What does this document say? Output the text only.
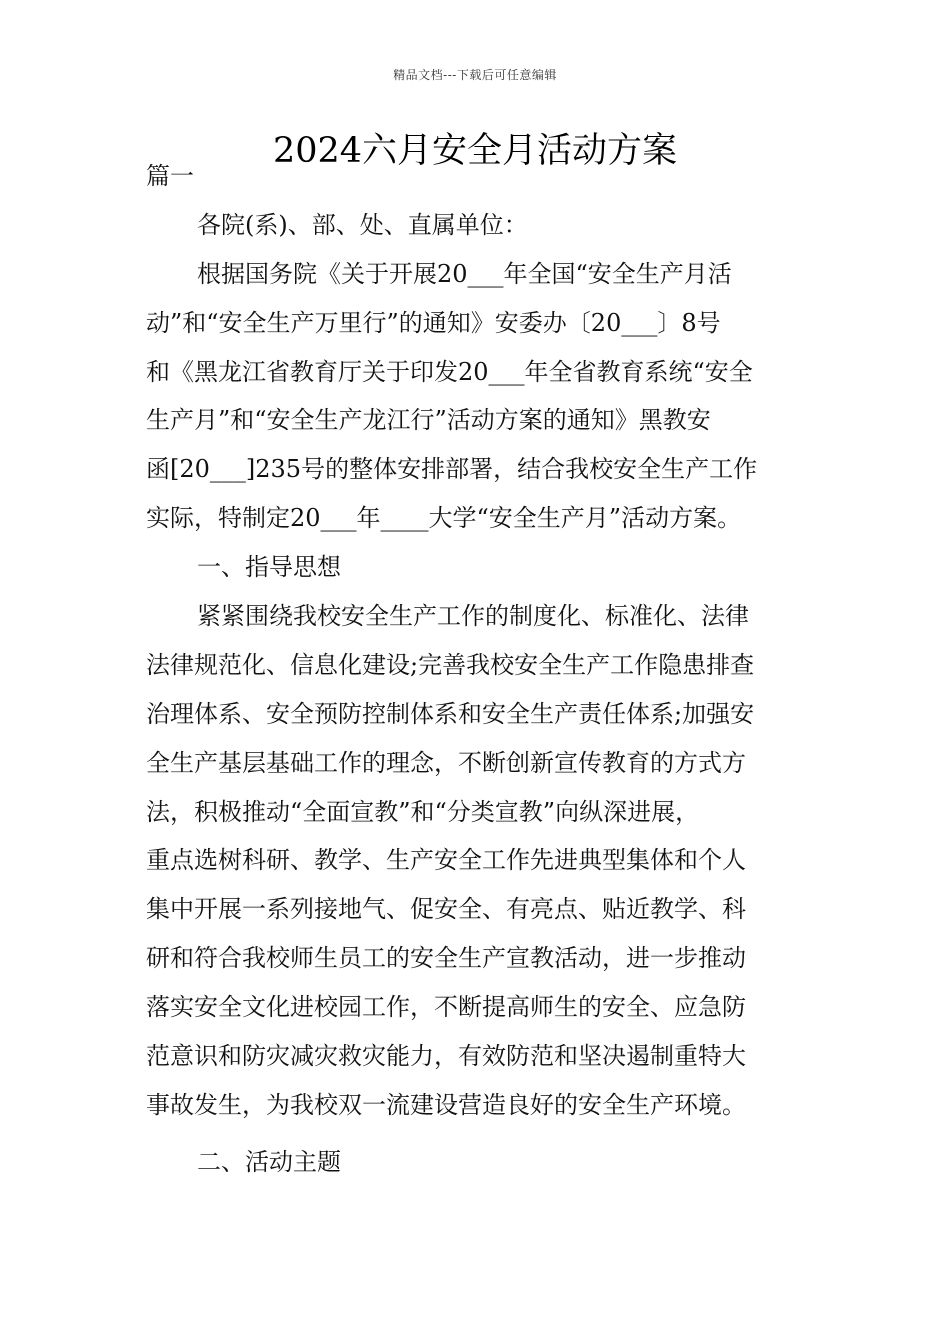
精品文档---下载后可任意编辑
2024六月安全月活动方案
篇一
各院(系)、部、处、直属单位：
根据国务院《关于开展20___年全国“安全生产月活
动”和“安全生产万里行”的通知》安委办〔20___〕8号
和《黑龙江省教育厅关于印发20___年全省教育系统“安全
生产月”和“安全生产龙江行”活动方案的通知》黑教安
函[20___]235号的整体安排部署，结合我校安全生产工作
实际，特制定20___年____大学“安全生产月”活动方案。
一、指导思想
紧紧围绕我校安全生产工作的制度化、标准化、法律
法律规范化、信息化建设;完善我校安全生产工作隐患排查
治理体系、安全预防控制体系和安全生产责任体系;加强安
全生产基层基础工作的理念，不断创新宣传教育的方式方
法，积极推动“全面宣教”和“分类宣教”向纵深进展，
重点选树科研、教学、生产安全工作先进典型集体和个人
集中开展一系列接地气、促安全、有亮点、贴近教学、科
研和符合我校师生员工的安全生产宣教活动，进一步推动
落实安全文化进校园工作，不断提高师生的安全、应急防
范意识和防灾减灾救灾能力，有效防范和坚决遏制重特大
事故发生，为我校双一流建设营造良好的安全生产环境。
二、活动主题
